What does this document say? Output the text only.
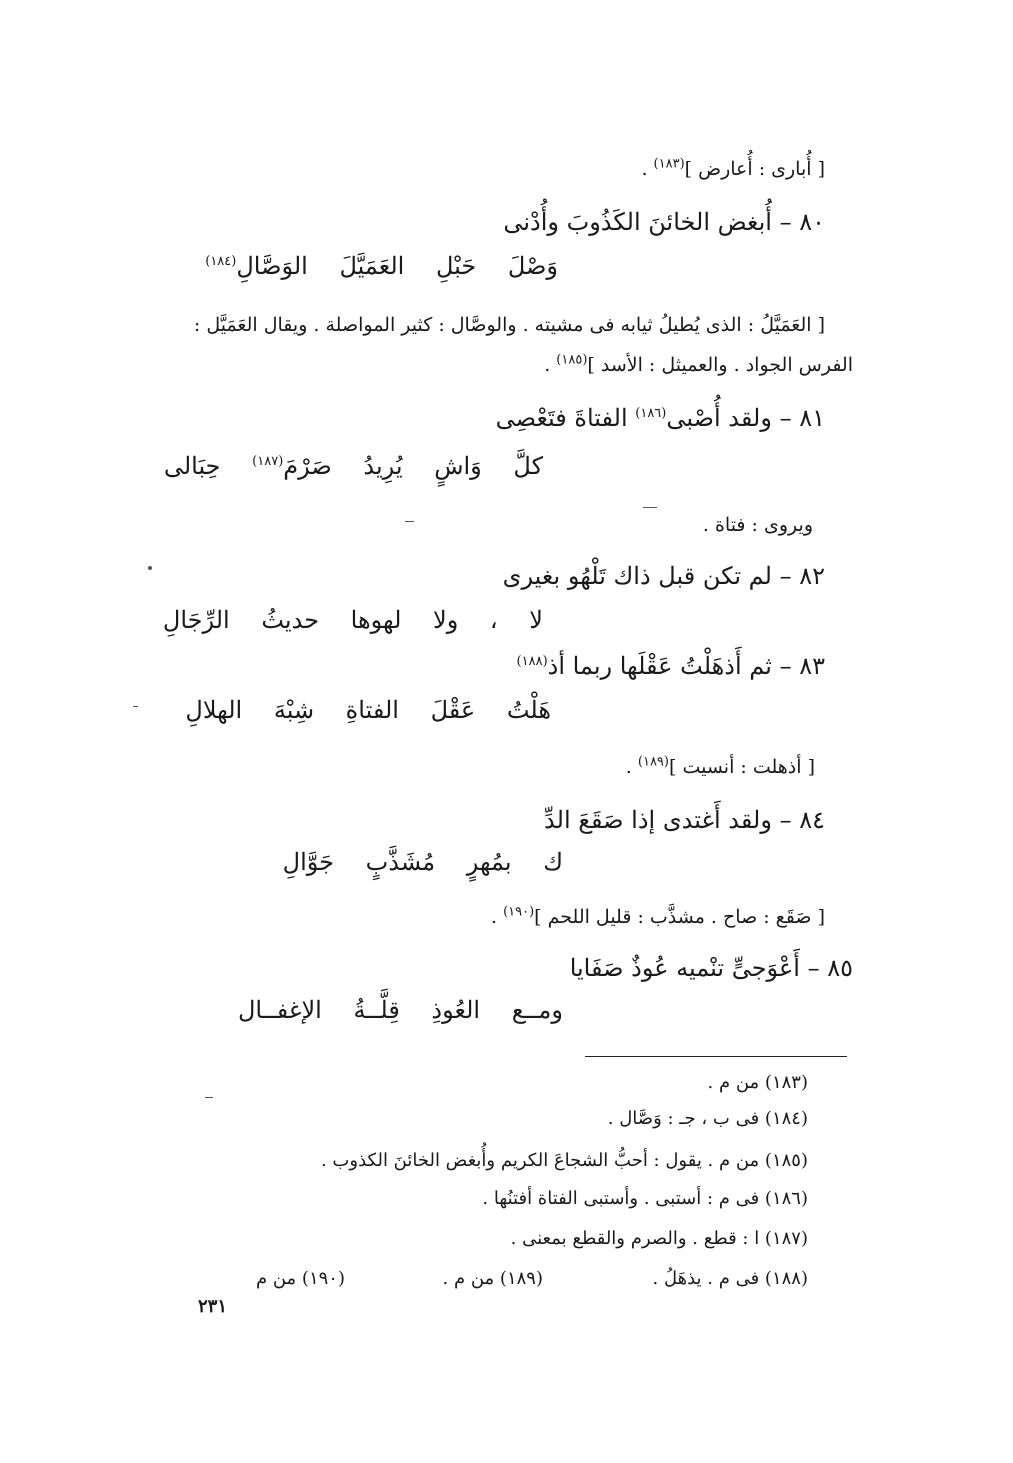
[ أُبارى : أُعارض ]$^{(١٨٣)}$ .
٨٠ – أُبغض الخائنَ الكَذُوبَ وأُدْنى
وَصْلَ حَبْلِ العَمَيَّلَ الوَصَّالِ$^{(١٨٤)}$
[ العَمَيَّلُ : الذى يُطيلُ ثيابه فى مشيته . والوصَّال : كثير المواصلة . ويقال العَمَيَّل :
الفرس الجواد . والعميثل : الأسد ]$^{(١٨٥)}$ .
٨١ – ولقد أُصْبى$^{(١٨٦)}$ الفتاةَ فتَعْصِى
كلَّ وَاشٍ يُرِيدُ صَرْمَ$^{(١٨٧)}$ حِبَالى
ويروى : فتاة .
٨٢ – لم تكن قبل ذاك تَلْهُو بغيرى
لا ، ولا لهوها حديثُ الرِّجَالِ
٨٣ – ثم أَذهَلْتُ عَقْلَها ربما أذ$^{(١٨٨)}$
هَلْتُ عَقْلَ الفتاةِ شِبْهَ الهلالِ
[ أذهلت : أنسيت ]$^{(١٨٩)}$ .
٨٤ – ولقد أَغتدى إذا صَقَعَ الدِّ
ك بمُهرٍ مُشَذَّبٍ جَوَّالِ
[ صَقَع : صاح . مشذَّب : قليل اللحم ]$^{(١٩٠)}$ .
٨٥ – أَعْوَجىٍّ تنْميه عُوذٌ صَفَايا
ومــع العُوذِ قِلَّــةُ الإغفــال
(١٨٣) من م .
(١٨٤) فى ب ، جـ : وَصَّال .
(١٨٥) من م . يقول : أحبُّ الشجاعَ الكريم وأُبغض الخائنَ الكذوب .
(١٨٦) فى م : أستبى . وأستبى الفتاة أفتنُها .
(١٨٧) ا : قطع . والصرم والقطع بمعنى .
(١٨٨) فى م . يذهَلُ .
(١٨٩) من م .
(١٩٠) من م
٢٣١
